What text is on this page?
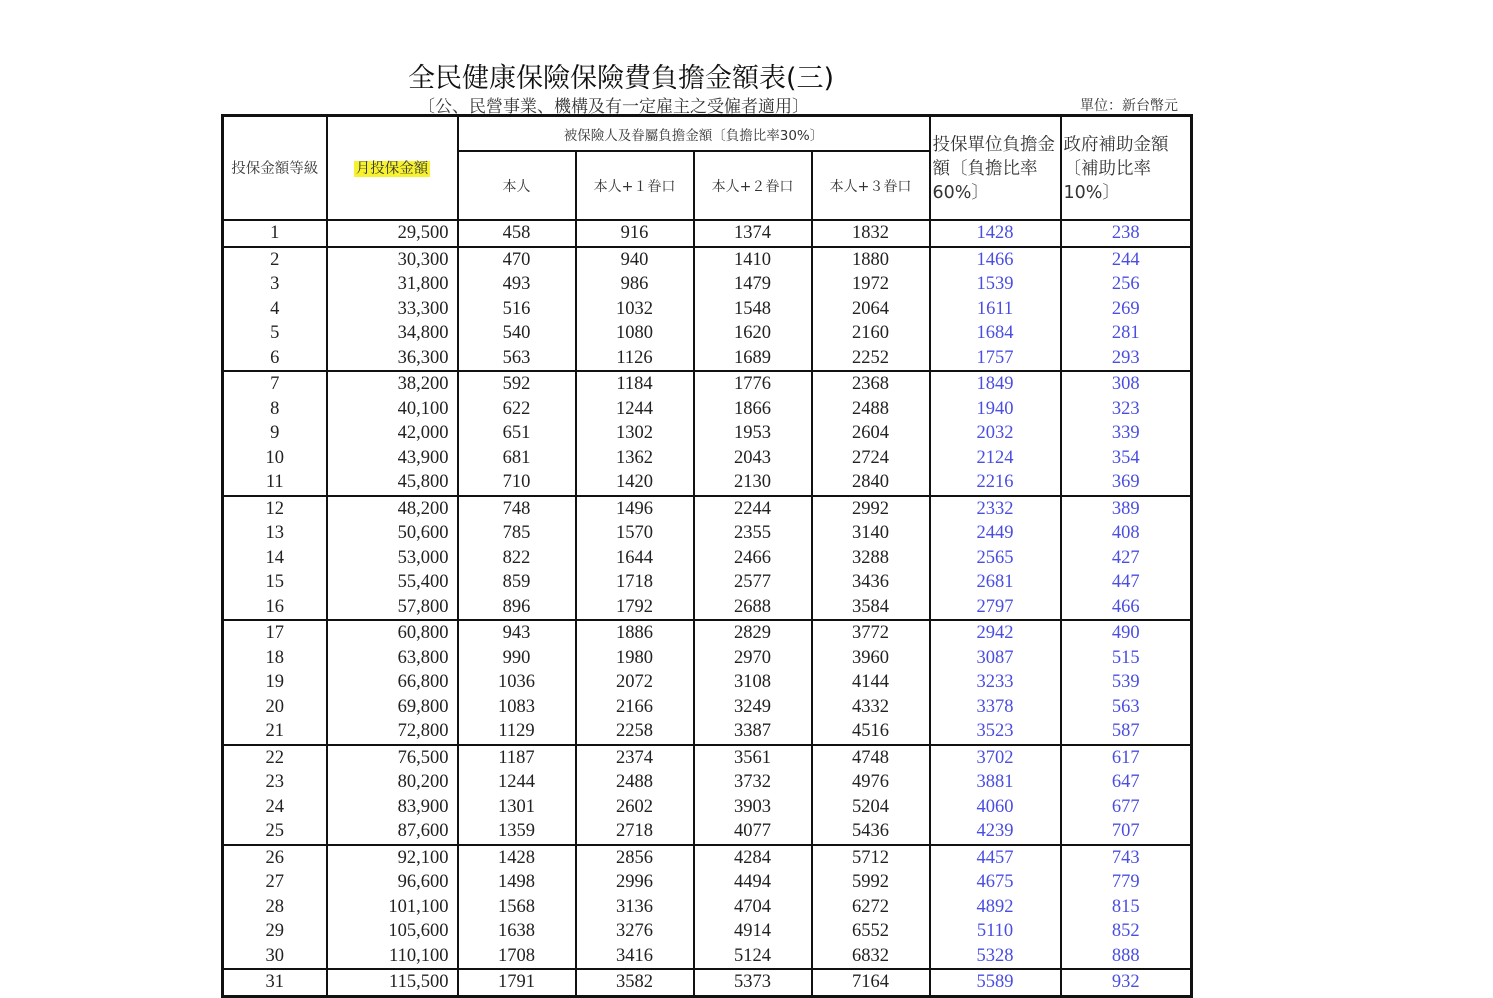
全民健康保險保險費負擔金額表(三)
〔公、民營事業、機構及有一定雇主之受僱者適用〕	單位：新台幣元
投保金額等級	月投保金額	被保險人及眷屬負擔金額〔負擔比率30%〕				投保單位負擔金額〔負擔比率60%〕	政府補助金額〔補助比率10%〕
		本人	本人+１眷口	本人+２眷口	本人+３眷口		
1	29,500	458	916	1374	1832	1428	238
2	30,300	470	940	1410	1880	1466	244
3	31,800	493	986	1479	1972	1539	256
4	33,300	516	1032	1548	2064	1611	269
5	34,800	540	1080	1620	2160	1684	281
6	36,300	563	1126	1689	2252	1757	293
7	38,200	592	1184	1776	2368	1849	308
8	40,100	622	1244	1866	2488	1940	323
9	42,000	651	1302	1953	2604	2032	339
10	43,900	681	1362	2043	2724	2124	354
11	45,800	710	1420	2130	2840	2216	369
12	48,200	748	1496	2244	2992	2332	389
13	50,600	785	1570	2355	3140	2449	408
14	53,000	822	1644	2466	3288	2565	427
15	55,400	859	1718	2577	3436	2681	447
16	57,800	896	1792	2688	3584	2797	466
17	60,800	943	1886	2829	3772	2942	490
18	63,800	990	1980	2970	3960	3087	515
19	66,800	1036	2072	3108	4144	3233	539
20	69,800	1083	2166	3249	4332	3378	563
21	72,800	1129	2258	3387	4516	3523	587
22	76,500	1187	2374	3561	4748	3702	617
23	80,200	1244	2488	3732	4976	3881	647
24	83,900	1301	2602	3903	5204	4060	677
25	87,600	1359	2718	4077	5436	4239	707
26	92,100	1428	2856	4284	5712	4457	743
27	96,600	1498	2996	4494	5992	4675	779
28	101,100	1568	3136	4704	6272	4892	815
29	105,600	1638	3276	4914	6552	5110	852
30	110,100	1708	3416	5124	6832	5328	888
31	115,500	1791	3582	5373	7164	5589	932
